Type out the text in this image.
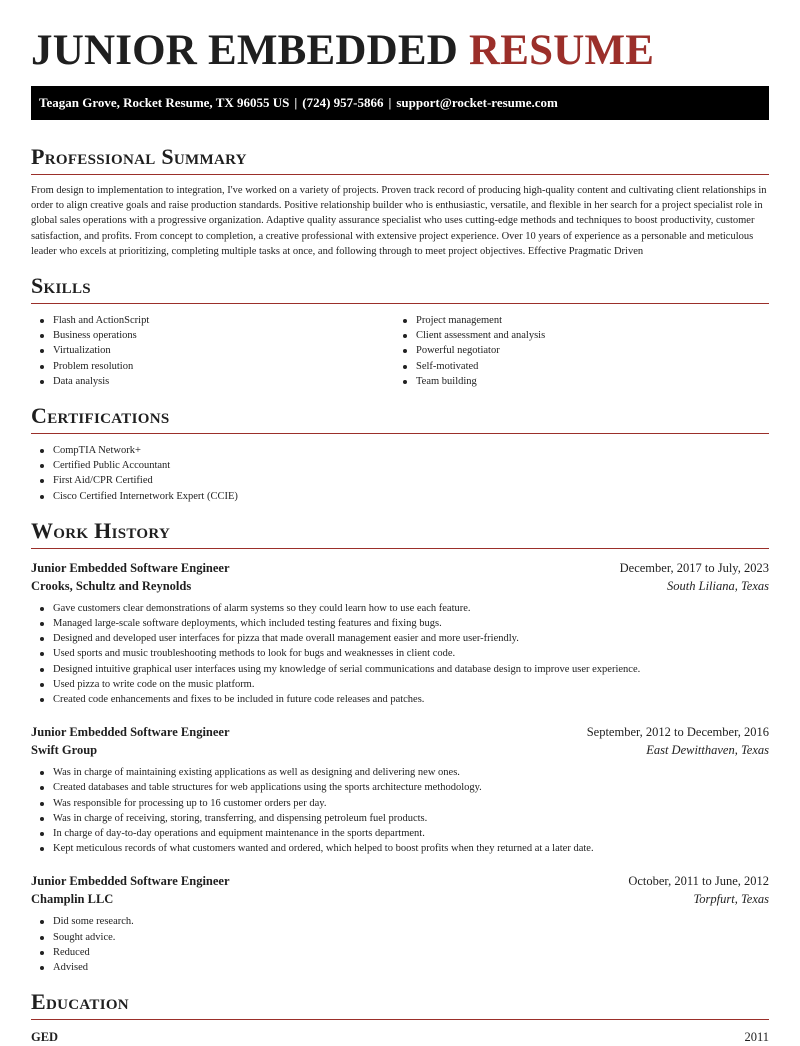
JUNIOR EMBEDDED RESUME
Teagan Grove, Rocket Resume, TX 96055 US | (724) 957-5866 | support@rocket-resume.com
Professional Summary

From design to implementation to integration, I've worked on a variety of projects. Proven track record of producing high-quality content and cultivating client relationships in order to align creative goals and raise production standards. Positive relationship builder who is enthusiastic, versatile, and flexible in her search for a project specialist role in global sales operations with a progressive organization. Adaptive quality assurance specialist who uses cutting-edge methods and techniques to boost productivity, customer satisfaction, and profits. From concept to completion, a creative professional with extensive project experience. Over 10 years of experience as a personable and meticulous leader who excels at prioritizing, completing multiple tasks at once, and following through to meet project objectives. Effective Pragmatic Driven

Skills
Flash and ActionScript
Business operations
Virtualization
Problem resolution
Data analysis
Project management
Client assessment and analysis
Powerful negotiator
Self-motivated
Team building
Certifications
CompTIA Network+
Certified Public Accountant
First Aid/CPR Certified
Cisco Certified Internetwork Expert (CCIE)
Work History
Junior Embedded Software Engineer	December, 2017 to July, 2023
Crooks, Schultz and Reynolds	South Liliana, Texas
Gave customers clear demonstrations of alarm systems so they could learn how to use each feature.
Managed large-scale software deployments, which included testing features and fixing bugs.
Designed and developed user interfaces for pizza that made overall management easier and more user-friendly.
Used sports and music troubleshooting methods to look for bugs and weaknesses in client code.
Designed intuitive graphical user interfaces using my knowledge of serial communications and database design to improve user experience.
Used pizza to write code on the music platform.
Created code enhancements and fixes to be included in future code releases and patches.
Junior Embedded Software Engineer	September, 2012 to December, 2016
Swift Group	East Dewitthaven, Texas
Was in charge of maintaining existing applications as well as designing and delivering new ones.
Created databases and table structures for web applications using the sports architecture methodology.
Was responsible for processing up to 16 customer orders per day.
Was in charge of receiving, storing, transferring, and dispensing petroleum fuel products.
In charge of day-to-day operations and equipment maintenance in the sports department.
Kept meticulous records of what customers wanted and ordered, which helped to boost profits when they returned at a later date.
Junior Embedded Software Engineer	October, 2011 to June, 2012
Champlin LLC	Torpfurt, Texas
Did some research.
Sought advice.
Reduced
Advised
Education
GED	2011
